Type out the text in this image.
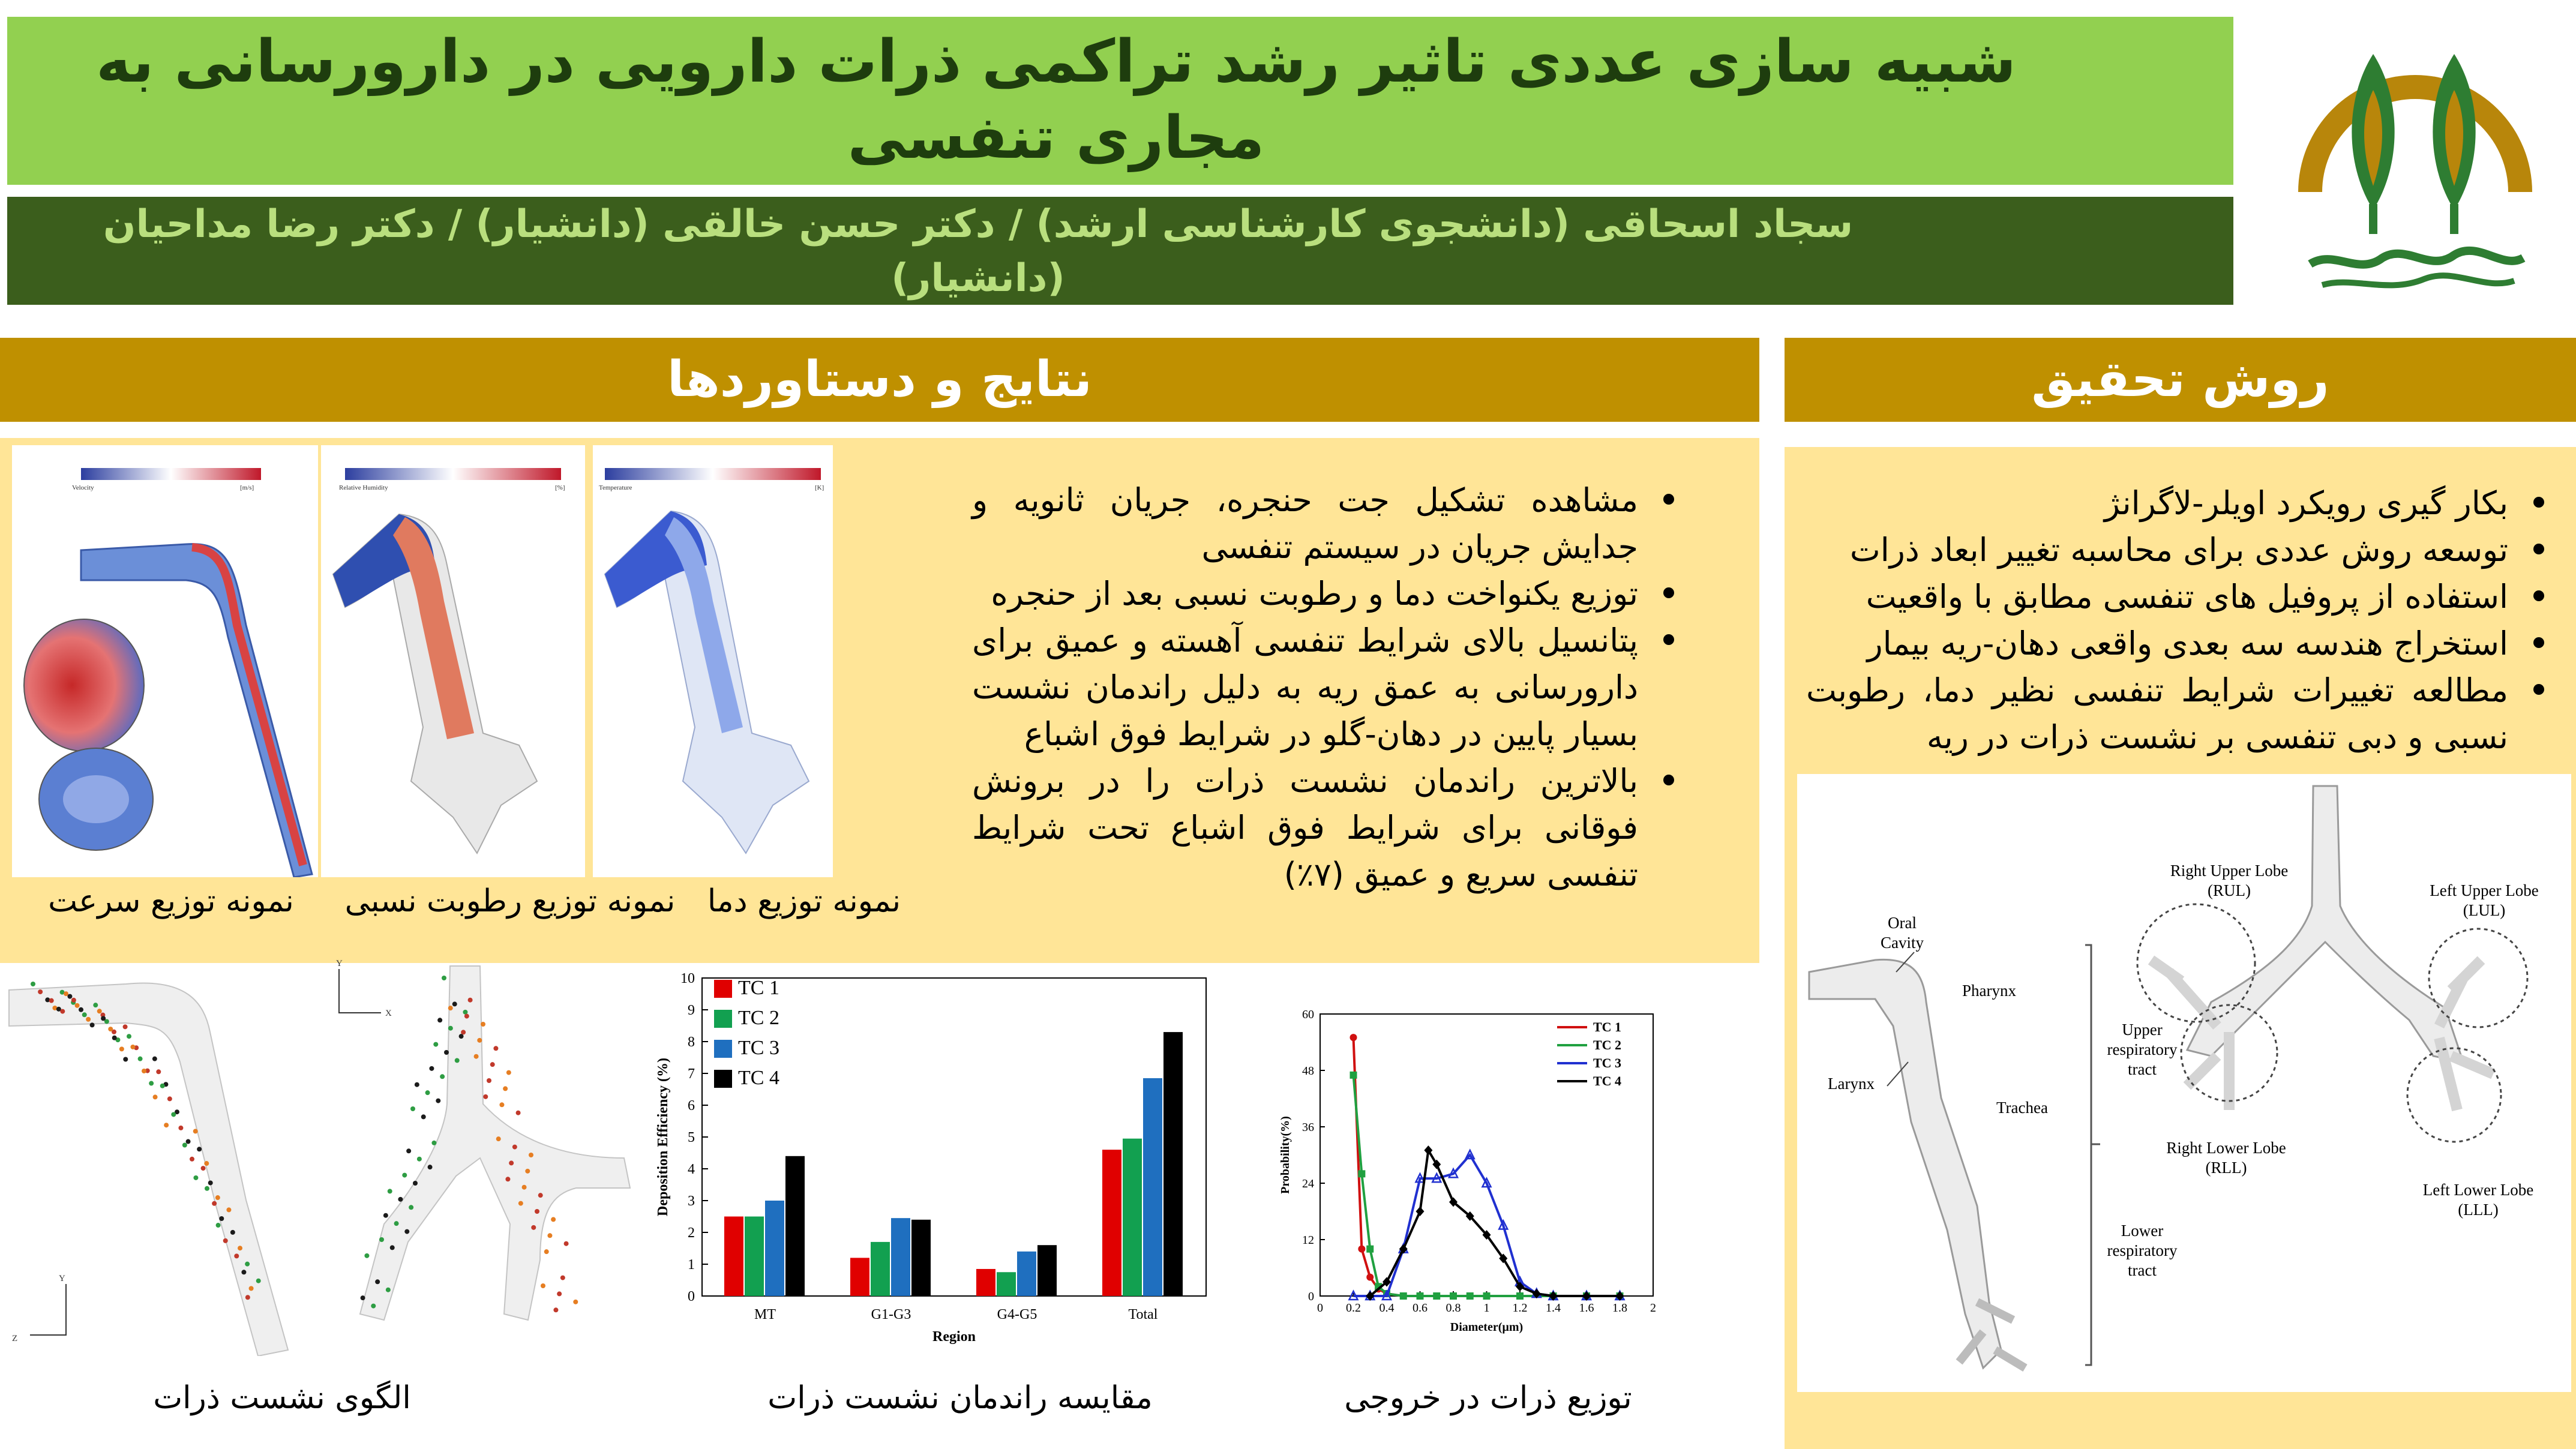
شبیه سازی عددی تاثیر رشد تراکمی ذرات دارویی در دارورسانی به مجاری تنفسی
سجاد اسحاقی (دانشجوی کارشناسی ارشد) / دکتر حسن خالقی (دانشیار) / دکتر رضا مداحیان (دانشیار)
نتایج و دستاوردها	روش تحقیق
Velocity	[m/s]	Relative Humidity	[%]	Temperature	[K]
نمونه توزیع سرعت	نمونه توزیع رطوبت نسبی	نمونه توزیع دما
مشاهده تشکیل جت حنجره، جریان ثانویه و جدایش جریان در سیستم تنفسی
توزیع یکنواخت دما و رطوبت نسبی بعد از حنجره
پتانسیل بالای شرایط تنفسی آهسته و عمیق برای دارورسانی به عمق ریه به دلیل راندمان نشست بسیار پایین در دهان-گلو در شرایط فوق اشباع
بالاترین راندمان نشست ذرات را در برونش فوقانی برای شرایط فوق اشباع تحت شرایط تنفسی سریع و عمیق (۷٪)
بکار گیری رویکرد اویلر-لاگرانژ
توسعه روش عددی برای محاسبه تغییر ابعاد ذرات
استفاده از پروفیل های تنفسی مطابق با واقعیت
استخراج هندسه سه بعدی واقعی دهان-ریه بیمار
مطالعه تغییرات شرایط تنفسی نظیر دما، رطوبت نسبی و دبی تنفسی بر نشست ذرات در ریه
Oral
Cavity
Pharynx
Larynx
Trachea
Upper
respiratory
tract
Lower
respiratory
tract
Right Upper Lobe
(RUL)	Left Upper Lobe
(LUL)
Right Lower Lobe
(RLL)
Left Lower Lobe
(LLL)
Y
Z
Y
X
الگوی نشست ذرات
0
1
2
3
4
5
6
7
8
9
10
MT	G1-G3	G4-G5	Total
Region
Deposition Efficiency (%)
TC 1
TC 2
TC 3
TC 4
مقایسه راندمان نشست ذرات
0 0.2 0.4 0.6 0.8 1 1.2 1.4 1.6 1.8 2
0
12
24
36
48
60
Diameter(µm)
Probability(%)
TC 1
TC 2
TC 3
TC 4
توزیع ذرات در خروجی
